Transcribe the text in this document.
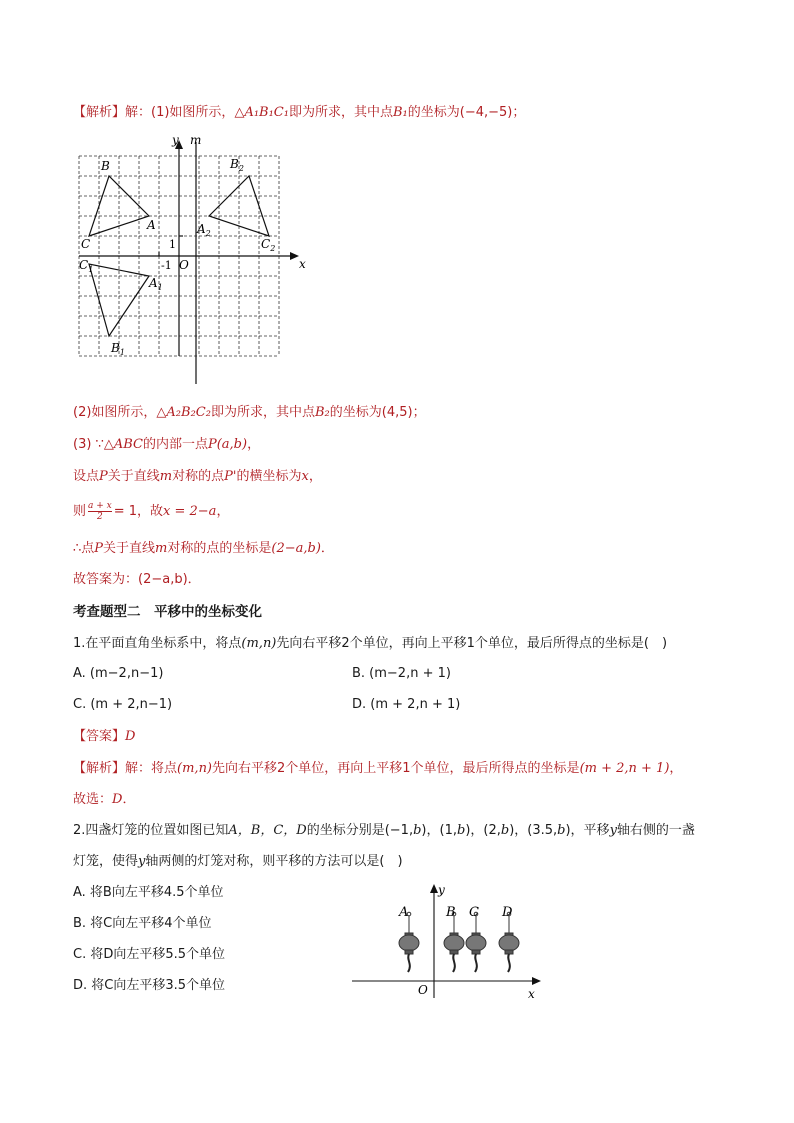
【解析】解：(1)如图所示，△A₁B₁C₁即为所求，其中点B₁的坐标为(−4,−5)；
y
x
m
O
1
-1
B
A
C
$C_1$
$A_1$
$B_1$
$B_2$
$A_2$
$C_2$
(2)如图所示，△A₂B₂C₂即为所求，其中点B₂的坐标为(4,5)；
(3) ∵△ABC的内部一点P(a,b)，
设点P关于直线m对称的点P'的横坐标为x，
则 $\frac{a + x}{2} = 1$，故x = 2−a，
∴点P关于直线m对称的点的坐标是(2−a,b)．
故答案为：(2−a,b)．
考查题型二　平移中的坐标变化
1.在平面直角坐标系中，将点(m,n)先向右平移2个单位，再向上平移1个单位，最后所得点的坐标是(　)
A. (m−2,n−1)	B. (m−2,n + 1)
C. (m + 2,n−1)	D. (m + 2,n + 1)
【答案】D
【解析】解：将点(m,n)先向右平移2个单位，再向上平移1个单位，最后所得点的坐标是(m + 2,n + 1)，
故选：D．
2.四盏灯笼的位置如图已知A，B，C，D的坐标分别是(−1,b)，(1,b)，(2,b)，(3.5,b)，平移y轴右侧的一盏
灯笼，使得y轴两侧的灯笼对称，则平移的方法可以是(　)
A. 将B向左平移4.5个单位
B. 将C向左平移4个单位
C. 将D向左平移5.5个单位
D. 将C向左平移3.5个单位
A	B C D
y
x
O
